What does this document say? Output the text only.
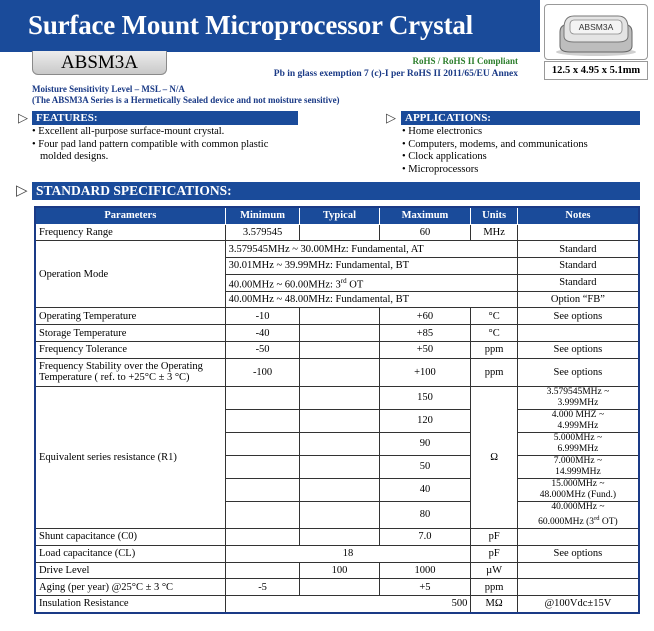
Surface Mount Microprocessor Crystal
ABSM3A	RoHS / RoHS II Compliant
Pb in glass exemption 7 (c)-I per RoHS II 2011/65/EU Annex
ABSM3A
12.5 x 4.95 x 5.1mm
Moisture Sensitivity Level – MSL – N/A
(The ABSM3A Series is a Hermetically Sealed device and not moisture sensitive)
▷ FEATURES:
• Excellent all-purpose surface-mount crystal.
• Four pad land pattern compatible with common plastic molded designs.
▷ APPLICATIONS:
• Home electronics
• Computers, modems, and communications
• Clock applications
• Microprocessors
▷ STANDARD SPECIFICATIONS:
Parameters	Minimum	Typical	Maximum	Units	Notes
Frequency Range	3.579545		60	MHz	
Operation Mode	3.579545MHz ~ 30.00MHz: Fundamental, AT				Standard
	30.01MHz ~ 39.99MHz: Fundamental, BT				Standard
	40.00MHz ~ 60.00MHz: 3rd OT				Standard
	40.00MHz ~ 48.00MHz: Fundamental, BT				Option “FB”
Operating Temperature	-10		+60	°C	See options
Storage Temperature	-40		+85	°C	
Frequency Tolerance	-50		+50	ppm	See options

Frequency Stability over the Operating
Temperature ( ref. to +25°C ± 3 °C)	-100		+100	ppm	See options
Equivalent series resistance (R1)			150	Ω	3.579545MHz ~
3.999MHz

			120		4.000 MHZ ~
4.999MHz

			90		5.000MHz ~
6.999MHz

			50		7.000MHz ~
14.999MHz

			40		15.000MHz ~
48.000MHz (Fund.)

			80		40.000MHz ~
60.000MHz (3rd OT)

Shunt capacitance (C0)			7.0	pF	
Load capacitance (CL)	18			pF	See options
Drive Level		100	1000	µW	
Aging (per year) @25°C ± 3 °C	-5		+5	ppm	
Insulation Resistance	500			MΩ	@100Vdc±15V
